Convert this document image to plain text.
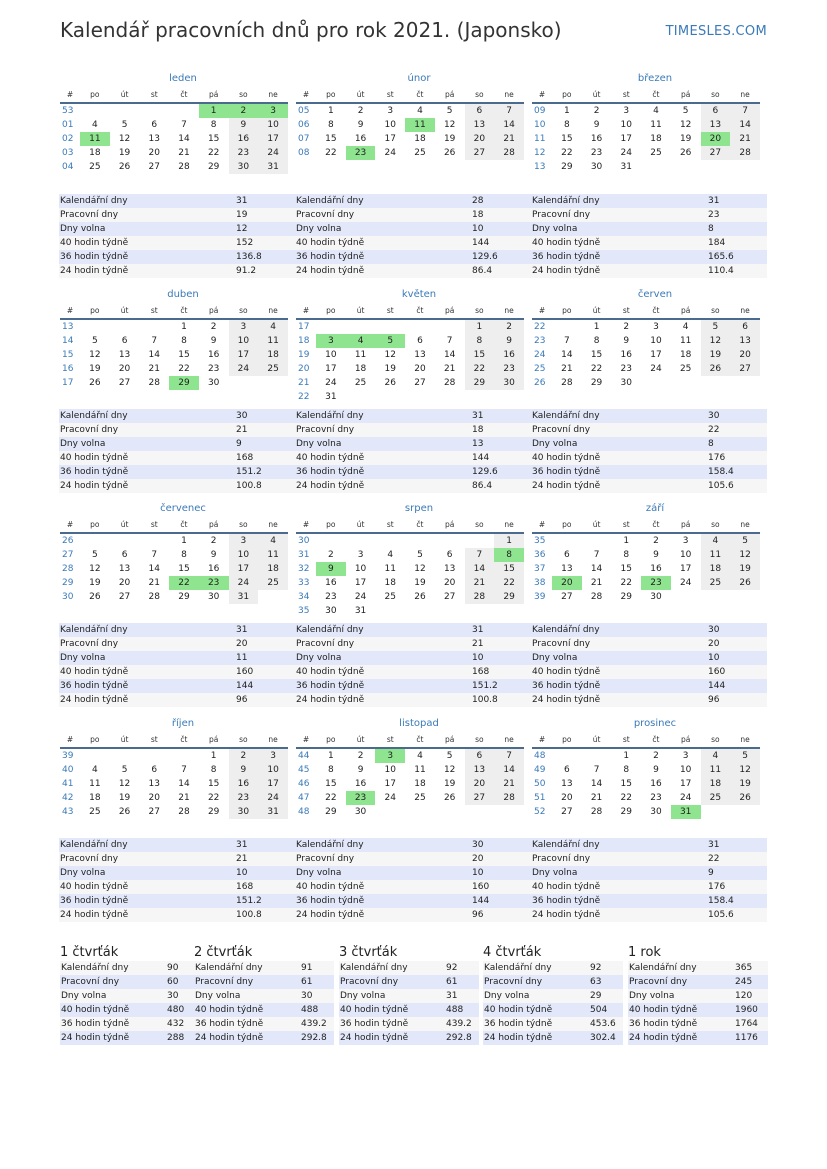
Kalendář pracovních dnů pro rok 2021. (Japonsko)	TIMESLES.COM
leden
#	po	út	st	čt	pá	so	ne
53					1	2	3
01	4	5	6	7	8	9	10
02	11	12	13	14	15	16	17
03	18	19	20	21	22	23	24
04	25	26	27	28	29	30	31
Kalendářní dny	31
Pracovní dny	19
Dny volna	12
40 hodin týdně	152
36 hodin týdně	136.8
24 hodin týdně	91.2
únor
#	po	út	st	čt	pá	so	ne
05	1	2	3	4	5	6	7
06	8	9	10	11	12	13	14
07	15	16	17	18	19	20	21
08	22	23	24	25	26	27	28
Kalendářní dny	28
Pracovní dny	18
Dny volna	10
40 hodin týdně	144
36 hodin týdně	129.6
24 hodin týdně	86.4
březen
#	po	út	st	čt	pá	so	ne
09	1	2	3	4	5	6	7
10	8	9	10	11	12	13	14
11	15	16	17	18	19	20	21
12	22	23	24	25	26	27	28
13	29	30	31				
Kalendářní dny	31
Pracovní dny	23
Dny volna	8
40 hodin týdně	184
36 hodin týdně	165.6
24 hodin týdně	110.4
duben
#	po	út	st	čt	pá	so	ne
13				1	2	3	4
14	5	6	7	8	9	10	11
15	12	13	14	15	16	17	18
16	19	20	21	22	23	24	25
17	26	27	28	29	30		
Kalendářní dny	30
Pracovní dny	21
Dny volna	9
40 hodin týdně	168
36 hodin týdně	151.2
24 hodin týdně	100.8
květen
#	po	út	st	čt	pá	so	ne
17						1	2
18	3	4	5	6	7	8	9
19	10	11	12	13	14	15	16
20	17	18	19	20	21	22	23
21	24	25	26	27	28	29	30
22	31						
Kalendářní dny	31
Pracovní dny	18
Dny volna	13
40 hodin týdně	144
36 hodin týdně	129.6
24 hodin týdně	86.4
červen
#	po	út	st	čt	pá	so	ne
22		1	2	3	4	5	6
23	7	8	9	10	11	12	13
24	14	15	16	17	18	19	20
25	21	22	23	24	25	26	27
26	28	29	30				
Kalendářní dny	30
Pracovní dny	22
Dny volna	8
40 hodin týdně	176
36 hodin týdně	158.4
24 hodin týdně	105.6
červenec
#	po	út	st	čt	pá	so	ne
26				1	2	3	4
27	5	6	7	8	9	10	11
28	12	13	14	15	16	17	18
29	19	20	21	22	23	24	25
30	26	27	28	29	30	31	
Kalendářní dny	31
Pracovní dny	20
Dny volna	11
40 hodin týdně	160
36 hodin týdně	144
24 hodin týdně	96
srpen
#	po	út	st	čt	pá	so	ne
30							1
31	2	3	4	5	6	7	8
32	9	10	11	12	13	14	15
33	16	17	18	19	20	21	22
34	23	24	25	26	27	28	29
35	30	31					
Kalendářní dny	31
Pracovní dny	21
Dny volna	10
40 hodin týdně	168
36 hodin týdně	151.2
24 hodin týdně	100.8
září
#	po	út	st	čt	pá	so	ne
35			1	2	3	4	5
36	6	7	8	9	10	11	12
37	13	14	15	16	17	18	19
38	20	21	22	23	24	25	26
39	27	28	29	30			
Kalendářní dny	30
Pracovní dny	20
Dny volna	10
40 hodin týdně	160
36 hodin týdně	144
24 hodin týdně	96
říjen
#	po	út	st	čt	pá	so	ne
39					1	2	3
40	4	5	6	7	8	9	10
41	11	12	13	14	15	16	17
42	18	19	20	21	22	23	24
43	25	26	27	28	29	30	31
Kalendářní dny	31
Pracovní dny	21
Dny volna	10
40 hodin týdně	168
36 hodin týdně	151.2
24 hodin týdně	100.8
listopad
#	po	út	st	čt	pá	so	ne
44	1	2	3	4	5	6	7
45	8	9	10	11	12	13	14
46	15	16	17	18	19	20	21
47	22	23	24	25	26	27	28
48	29	30					
Kalendářní dny	30
Pracovní dny	20
Dny volna	10
40 hodin týdně	160
36 hodin týdně	144
24 hodin týdně	96
prosinec
#	po	út	st	čt	pá	so	ne
48			1	2	3	4	5
49	6	7	8	9	10	11	12
50	13	14	15	16	17	18	19
51	20	21	22	23	24	25	26
52	27	28	29	30	31		
Kalendářní dny	31
Pracovní dny	22
Dny volna	9
40 hodin týdně	176
36 hodin týdně	158.4
24 hodin týdně	105.6
1 čtvrťák
Kalendářní dny	90
Pracovní dny	60
Dny volna	30
40 hodin týdně	480
36 hodin týdně	432
24 hodin týdně	288
2 čtvrťák
Kalendářní dny	91
Pracovní dny	61
Dny volna	30
40 hodin týdně	488
36 hodin týdně	439.2
24 hodin týdně	292.8
3 čtvrťák
Kalendářní dny	92
Pracovní dny	61
Dny volna	31
40 hodin týdně	488
36 hodin týdně	439.2
24 hodin týdně	292.8
4 čtvrťák
Kalendářní dny	92
Pracovní dny	63
Dny volna	29
40 hodin týdně	504
36 hodin týdně	453.6
24 hodin týdně	302.4
1 rok
Kalendářní dny	365
Pracovní dny	245
Dny volna	120
40 hodin týdně	1960
36 hodin týdně	1764
24 hodin týdně	1176
